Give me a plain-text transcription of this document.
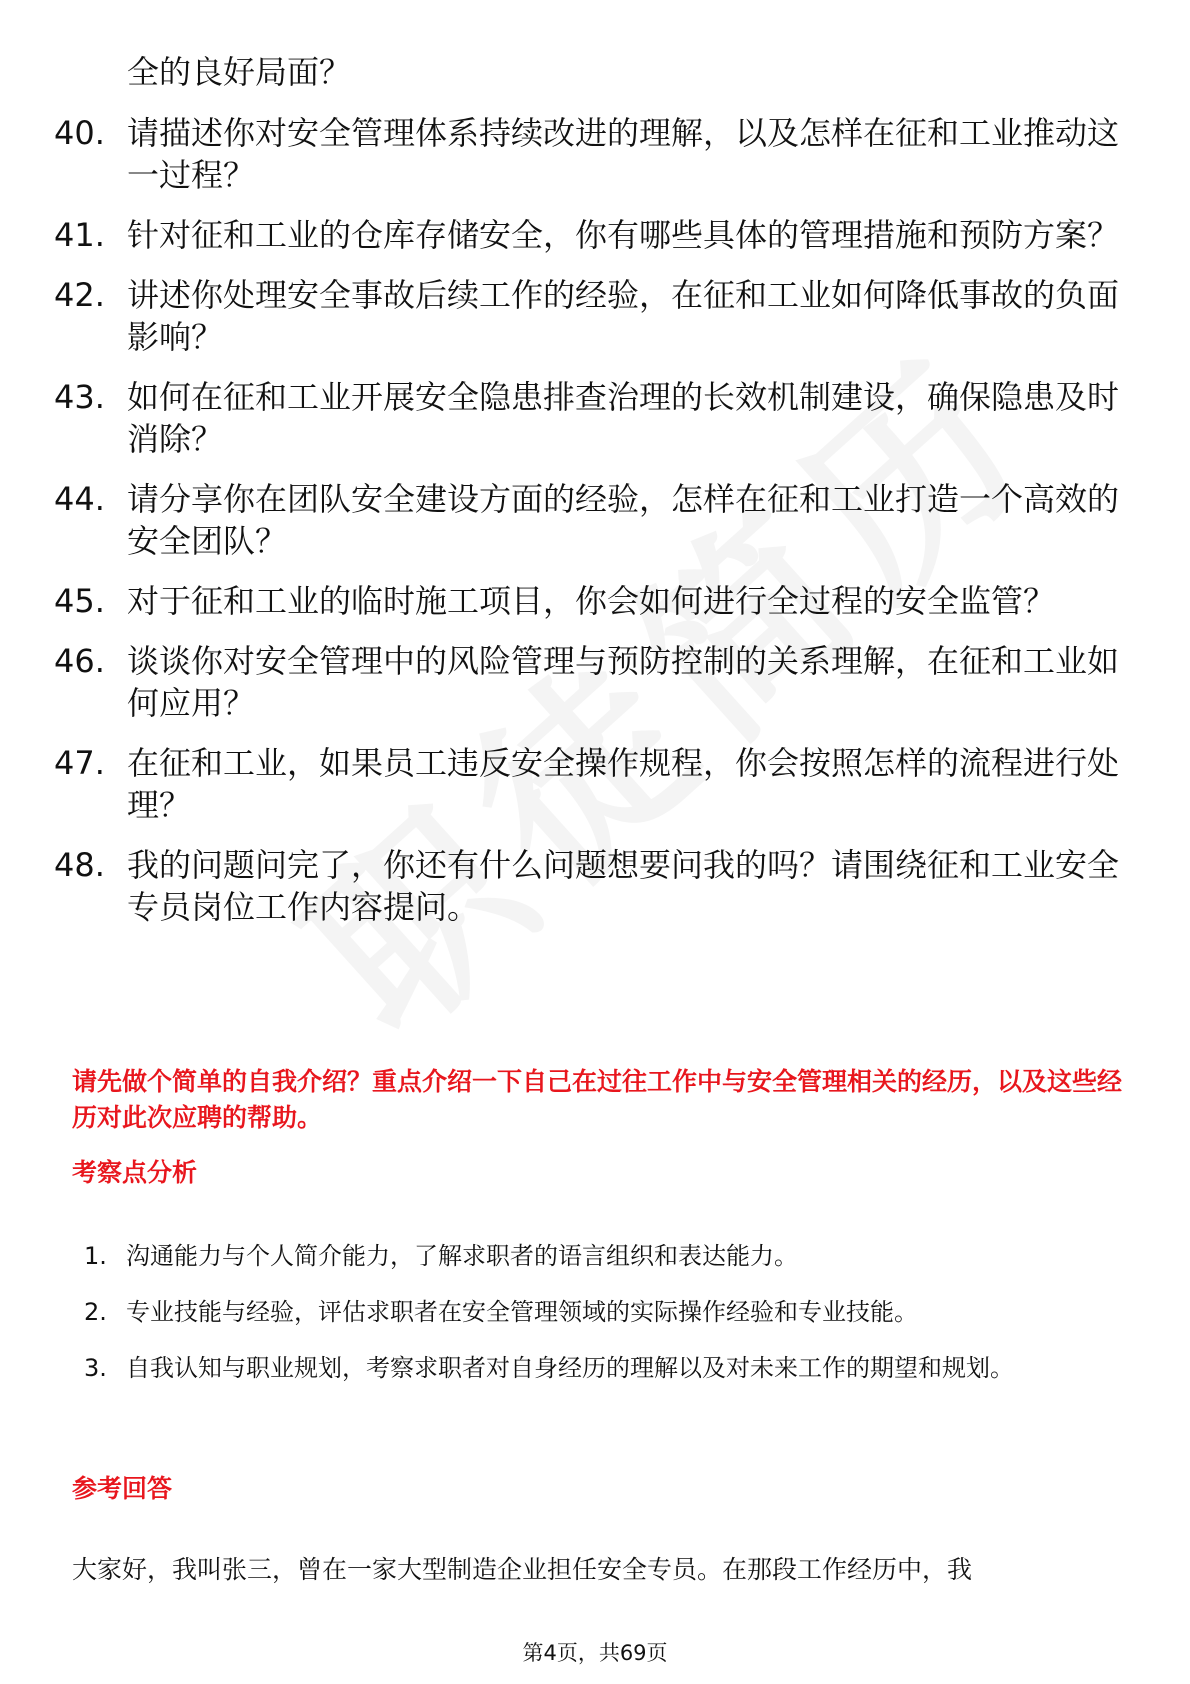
全的良好局面？
40. 请描述你对安全管理体系持续改进的理解，以及怎样在征和工业推动这一过程？
41. 针对征和工业的仓库存储安全，你有哪些具体的管理措施和预防方案？
42. 讲述你处理安全事故后续工作的经验，在征和工业如何降低事故的负面影响？
43. 如何在征和工业开展安全隐患排查治理的长效机制建设，确保隐患及时消除？
44. 请分享你在团队安全建设方面的经验，怎样在征和工业打造一个高效的安全团队？
45. 对于征和工业的临时施工项目，你会如何进行全过程的安全监管？
46. 谈谈你对安全管理中的风险管理与预防控制的关系理解，在征和工业如何应用？
47. 在征和工业，如果员工违反安全操作规程，你会按照怎样的流程进行处理？
48. 我的问题问完了，你还有什么问题想要问我的吗？请围绕征和工业安全专员岗位工作内容提问。
请先做个简单的自我介绍？重点介绍一下自己在过往工作中与安全管理相关的经历，以及这些经历对此次应聘的帮助。
考察点分析
1. 沟通能力与个人简介能力，了解求职者的语言组织和表达能力。
2. 专业技能与经验，评估求职者在安全管理领域的实际操作经验和专业技能。
3. 自我认知与职业规划，考察求职者对自身经历的理解以及对未来工作的期望和规划。
参考回答
大家好，我叫张三，曾在一家大型制造企业担任安全专员。在那段工作经历中，我
第4页，共69页
